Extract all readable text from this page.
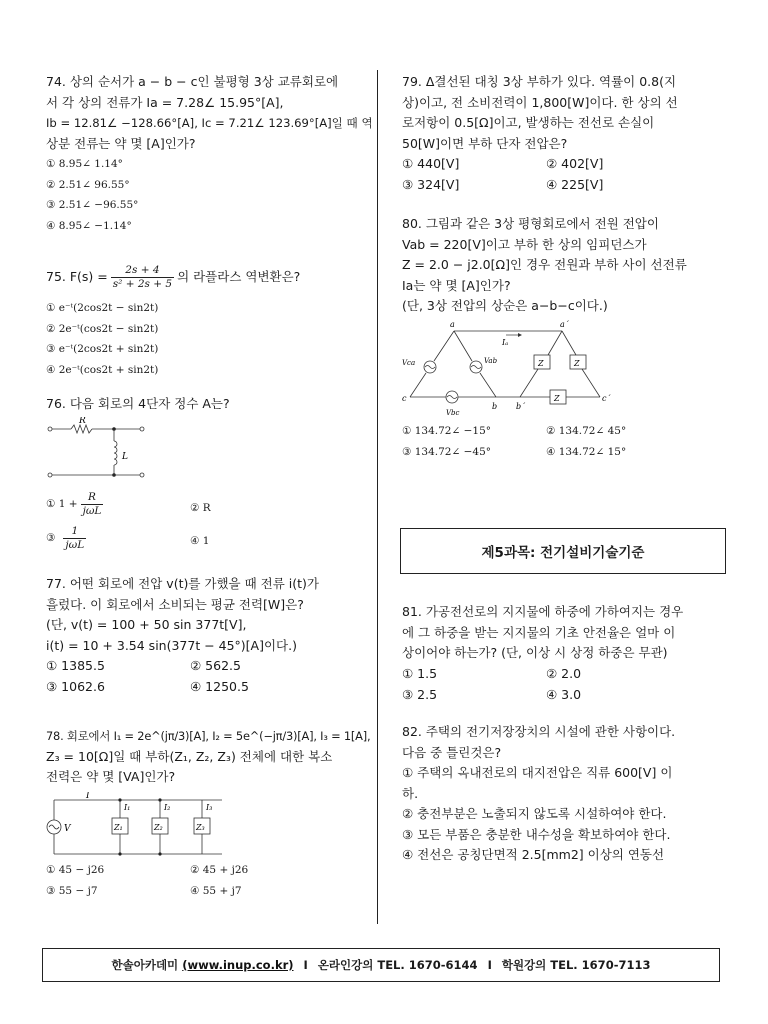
74. 상의 순서가 a − b − c인 불평형 3상 교류회로에
서 각 상의 전류가 Ia = 7.28∠ 15.95°[A],
Ib = 12.81∠ −128.66°[A], Ic = 7.21∠ 123.69°[A]일 때 역
상분 전류는 약 몇 [A]인가?
① 8.95∠ 1.14°
② 2.51∠ 96.55°
③ 2.51∠ −96.55°
④ 8.95∠ −1.14°
75. $F(s) = \frac{2s + 4}{\text{s² + 2s + 5}}$ 의 라플라스 역변환은?
① e⁻ᵗ(2cos2t − sin2t)
② 2e⁻ᵗ(cos2t − sin2t)
③ e⁻ᵗ(2cos2t + sin2t)
④ 2e⁻ᵗ(cos2t + sin2t)
76. 다음 회로의 4단자 정수 A는?
R
L
① $1 + \frac{R}{\text{jωL}}$	② R
③ $\frac{1}{\text{jωL}}$	④ 1
77. 어떤 회로에 전압 v(t)를 가했을 때 전류 i(t)가
흘렀다. 이 회로에서 소비되는 평균 전력[W]은?
(단, v(t) = 100 + 50 sin 377t[V],
i(t) = 10 + 3.54 sin(377t − 45°)[A]이다.)
① 1385.5	② 562.5
③ 1062.6	④ 1250.5
78. 회로에서 I₁ = 2e^(jπ/3)[A], I₂ = 5e^(−jπ/3)[A], I₃ = 1[A],
Z₃ = 10[Ω]일 때 부하(Z₁, Z₂, Z₃) 전체에 대한 복소
전력은 약 몇 [VA]인가?
V
I
Z₁
I₁
Z₂
I₂
Z₃
I₃
① 45 − j26	② 45 + j26
③ 55 − j7	④ 55 + j7
79. Δ결선된 대칭 3상 부하가 있다. 역률이 0.8(지
상)이고, 전 소비전력이 1,800[W]이다. 한 상의 선
로저항이 0.5[Ω]이고, 발생하는 전선로 손실이
50[W]이면 부하 단자 전압은?
① 440[V]	② 402[V]
③ 324[V]	④ 225[V]
80. 그림과 같은 3상 평형회로에서 전원 전압이
Vab = 220[V]이고 부하 한 상의 임피던스가
Z = 2.0 − j2.0[Ω]인 경우 전원과 부하 사이 선전류
Ia는 약 몇 [A]인가?
(단, 3상 전압의 상순은 a−b−c이다.)
a	a´
Iₐ
Vca	Vab
Vbc
c
b b´
Z	Z
Z	c´
① 134.72∠ −15°	② 134.72∠ 45°
③ 134.72∠ −45°	④ 134.72∠ 15°
81. 가공전선로의 지지물에 하중에 가하여지는 경우
에 그 하중을 받는 지지물의 기초 안전율은 얼마 이
상이어야 하는가? (단, 이상 시 상정 하중은 무관)
① 1.5	② 2.0
③ 2.5	④ 3.0
82. 주택의 전기저장장치의 시설에 관한 사항이다.
다음 중 틀린것은?
① 주택의 옥내전로의 대지전압은 직류 600[V] 이
하.
② 충전부분은 노출되지 않도록 시설하여야 한다.
③ 모든 부품은 충분한 내수성을 확보하여야 한다.
④ 전선은 공칭단면적 2.5[mm2] 이상의 연동선
제5과목: 전기설비기술기준
한솔아카데미
(www.inup.co.kr) I 온라인강의 TEL. 1670-6144 I 학원강의 TEL. 1670-7113
